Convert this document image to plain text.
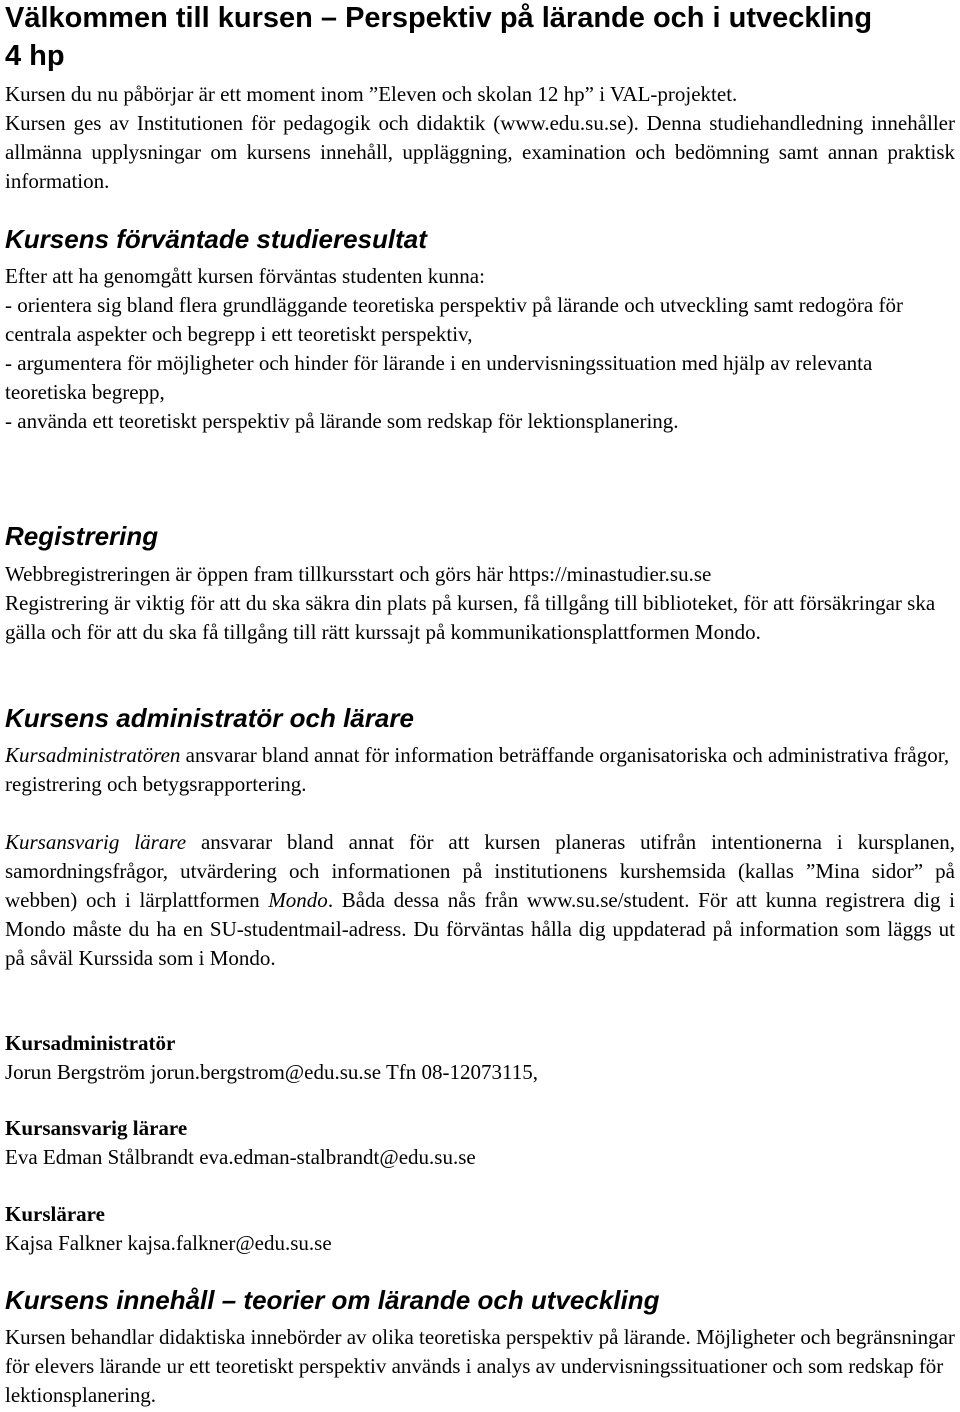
Välkommen till kursen – Perspektiv på lärande och i utveckling 4 hp

Kursen du nu påbörjar är ett moment inom ”Eleven och skolan 12 hp” i VAL-projektet.

Kursen ges av Institutionen för pedagogik och didaktik (www.edu.su.se). Denna studiehandledning innehåller allmänna upplysningar om kursens innehåll, uppläggning, examination och bedömning samt annan praktisk information.

Kursens förväntade studieresultat

Efter att ha genomgått kursen förväntas studenten kunna:

- orientera sig bland flera grundläggande teoretiska perspektiv på lärande och utveckling samt redogöra för

centrala aspekter och begrepp i ett teoretiskt perspektiv,

- argumentera för möjligheter och hinder för lärande i en undervisningssituation med hjälp av relevanta

teoretiska begrepp,

- använda ett teoretiskt perspektiv på lärande som redskap för lektionsplanering.

Registrering

Webbregistreringen är öppen fram tillkursstart och görs här https://minastudier.su.se

Registrering är viktig för att du ska säkra din plats på kursen, få tillgång till biblioteket, för att försäkringar ska gälla och för att du ska få tillgång till rätt kurssajt på kommunikationsplattformen Mondo.

Kursens administratör och lärare

Kursadministratören ansvarar bland annat för information beträffande organisatoriska och administrativa frågor, registrering och betygsrapportering.

Kursansvarig lärare ansvarar bland annat för att kursen planeras utifrån intentionerna i kursplanen, samordningsfrågor, utvärdering och informationen på institutionens kurshemsida (kallas ”Mina sidor” på webben) och i lärplattformen Mondo. Båda dessa nås från www.su.se/student. För att kunna registrera dig i Mondo måste du ha en SU-studentmail-adress. Du förväntas hålla dig uppdaterad på information som läggs ut på såväl Kurssida som i Mondo.

Kursadministratör

Jorun Bergström jorun.bergstrom@edu.su.se Tfn 08-12073115,

Kursansvarig lärare

Eva Edman Stålbrandt eva.edman-stalbrandt@edu.su.se

Kurslärare

Kajsa Falkner kajsa.falkner@edu.su.se

Kursens innehåll – teorier om lärande och utveckling

Kursen behandlar didaktiska innebörder av olika teoretiska perspektiv på lärande. Möjligheter och begränsningar för elevers lärande ur ett teoretiskt perspektiv används i analys av undervisningssituationer och som redskap för lektionsplanering.
